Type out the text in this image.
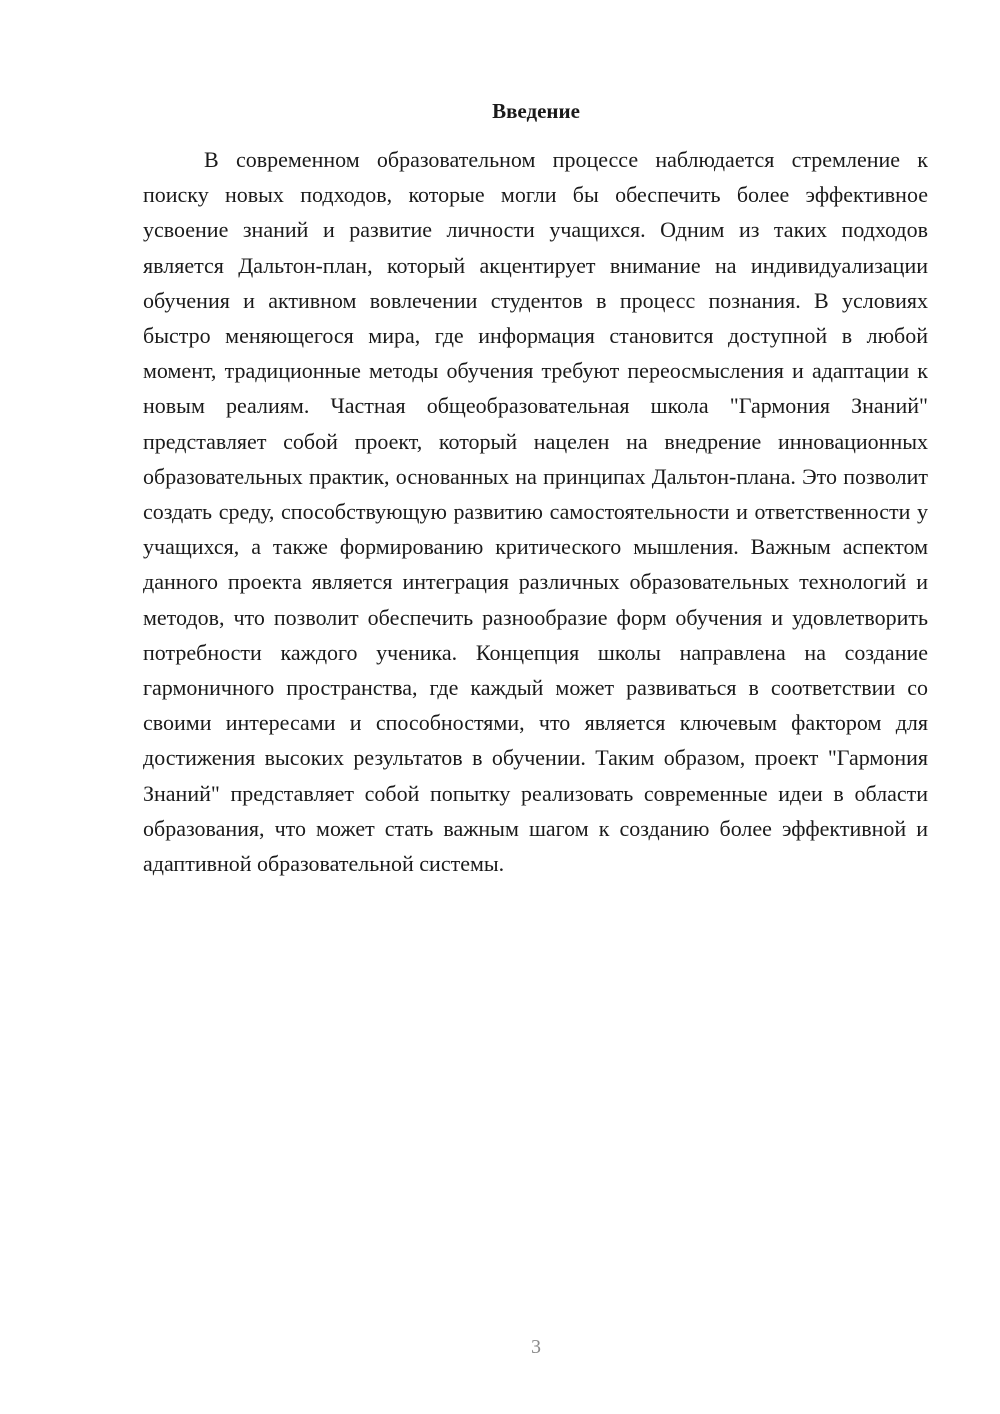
Введение

В современном образовательном процессе наблюдается стремление к поиску новых подходов, которые могли бы обеспечить более эффективное усвоение знаний и развитие личности учащихся. Одним из таких подходов является Дальтон-план, который акцентирует внимание на индивидуализации обучения и активном вовлечении студентов в процесс познания. В условиях быстро меняющегося мира, где информация становится доступной в любой момент, традиционные методы обучения требуют переосмысления и адаптации к новым реалиям. Частная общеобразовательная школа "Гармония Знаний" представляет собой проект, который нацелен на внедрение инновационных образовательных практик, основанных на принципах Дальтон-плана. Это позволит создать среду, способствующую развитию самостоятельности и ответственности у учащихся, а также формированию критического мышления. Важным аспектом данного проекта является интеграция различных образовательных технологий и методов, что позволит обеспечить разнообразие форм обучения и удовлетворить потребности каждого ученика. Концепция школы направлена на создание гармоничного пространства, где каждый может развиваться в соответствии со своими интересами и способностями, что является ключевым фактором для достижения высоких результатов в обучении. Таким образом, проект "Гармония Знаний" представляет собой попытку реализовать современные идеи в области образования, что может стать важным шагом к созданию более эффективной и адаптивной образовательной системы.

3
